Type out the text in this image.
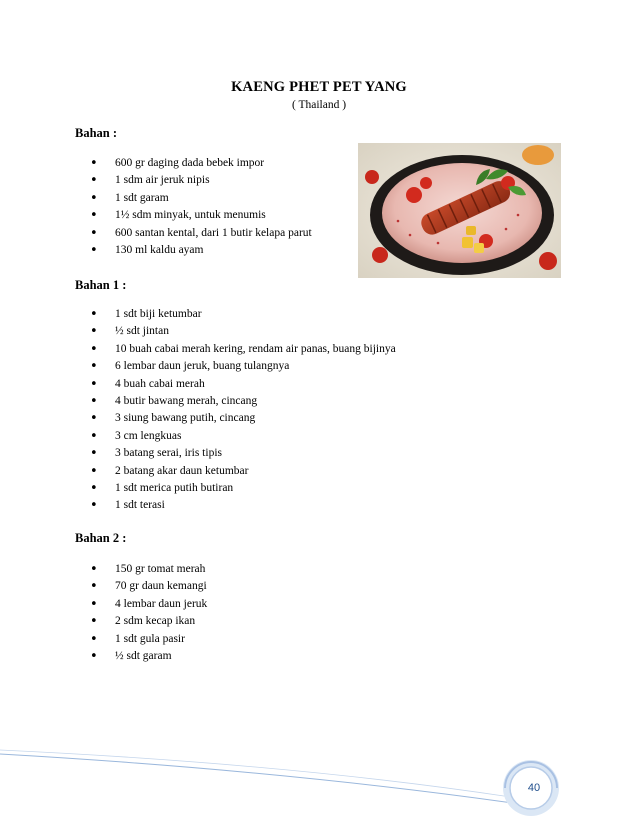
KAENG PHET PET YANG
( Thailand )
Bahan :
• 600 gr daging dada bebek impor
• 1 sdm air jeruk nipis
• 1 sdt garam
• 1½ sdm minyak, untuk menumis
• 600 santan kental, dari 1 butir kelapa parut
• 130 ml kaldu ayam
Bahan 1 :
• 1 sdt biji ketumbar
• ½ sdt jintan
• 10 buah cabai merah kering, rendam air panas, buang bijinya
• 6 lembar daun jeruk, buang tulangnya
• 4 buah cabai merah
• 4 butir bawang merah, cincang
• 3 siung bawang putih, cincang
• 3 cm lengkuas
• 3 batang serai, iris tipis
• 2 batang akar daun ketumbar
• 1 sdt merica putih butiran
• 1 sdt terasi
Bahan 2 :
• 150 gr tomat merah
• 70 gr daun kemangi
• 4 lembar daun jeruk
• 2 sdm kecap ikan
• 1 sdt gula pasir
• ½ sdt garam
40
